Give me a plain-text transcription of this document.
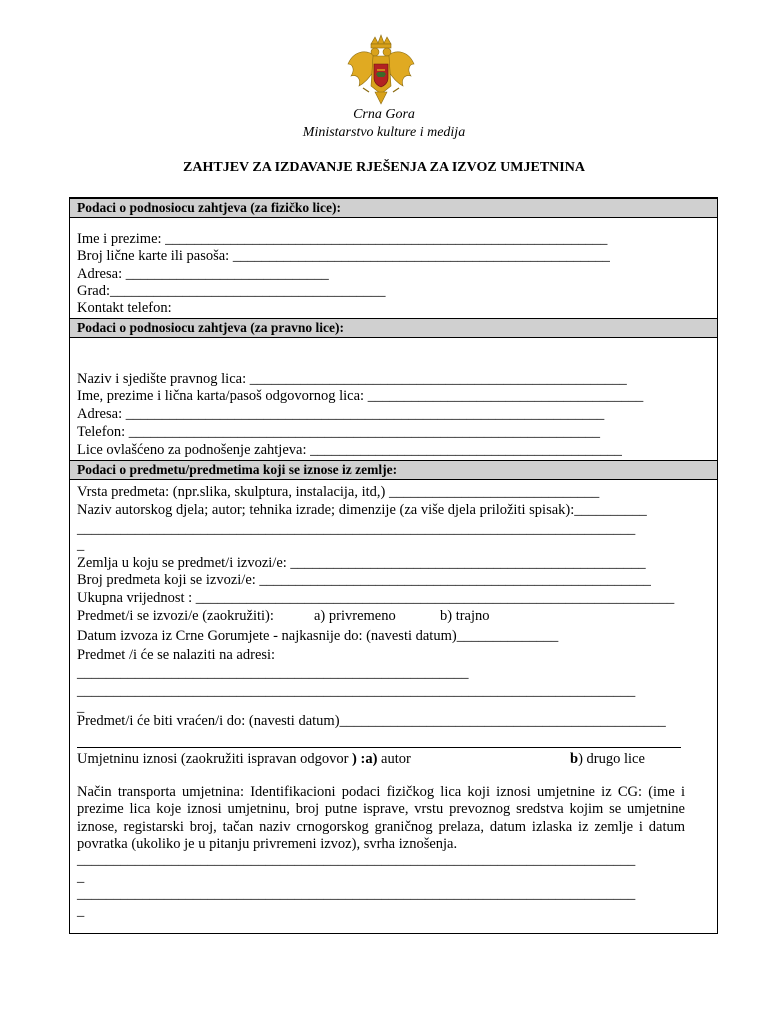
Crna Gora
Ministarstvo kulture i medija
ZAHTJEV ZA IZDAVANJE RJEŠENJA ZA IZVOZ UMJETNINA
Podaci o podnosiocu zahtjeva (za fizičko lice):
Ime i prezime: _____________________________________________________________
Broj lične karte ili pasoša: ____________________________________________________
Adresa: ____________________________
Grad:______________________________________
Kontakt telefon:
Podaci o podnosiocu zahtjeva (za pravno lice):
Naziv i sjedište pravnog lica: ____________________________________________________
Ime, prezime i lična karta/pasoš odgovornog lica: ______________________________________
Adresa: __________________________________________________________________
Telefon: _________________________________________________________________
Lice ovlašćeno za podnošenje zahtjeva: ___________________________________________
Podaci o predmetu/predmetima koji se iznose iz zemlje:
Vrsta predmeta: (npr.slika, skulptura, instalacija, itd,) _____________________________
Naziv autorskog djela; autor; tehnika izrade; dimenzije (za više djela priložiti spisak):__________
_____________________________________________________________________________
_
Zemlja u koju se predmet/i izvozi/e: _________________________________________________
Broj predmeta koji se izvozi/e: ______________________________________________________
Ukupna vrijednost : __________________________________________________________________
Predmet/i se izvozi/e (zaokružiti):	a) privremeno	b) trajno
Datum izvoza iz Crne Gorumjete - najkasnije do: (navesti datum)______________
Predmet /i će se nalaziti na adresi:
______________________________________________________
_____________________________________________________________________________
_
Predmet/i će biti vraćen/i do: (navesti datum)_____________________________________________
Umjetninu iznosi (zaokružiti ispravan odgovor ) :a) autor	b) drugo lice
Način transporta umjetnina: Identifikacioni podaci fizičkog lica koji iznosi umjetnine iz CG: (ime i prezime lica koje iznosi umjetninu, broj putne isprave, vrstu prevoznog sredstva kojim se umjetnine iznose, registarski broj, tačan naziv crnogorskog graničnog prelaza, datum izlaska iz zemlje i datum povratka (ukoliko je u pitanju privremeni izvoz), svrha iznošenja.
_____________________________________________________________________________
_
_____________________________________________________________________________
_
